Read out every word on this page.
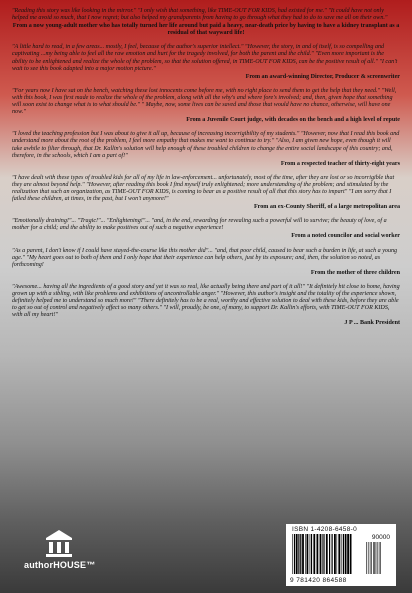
"Reading this story was like looking in the mirror." "I only wish that something, like TIME-OUT FOR KIDS, had existed for me." "It could have not only helped me avoid so much, that I now regret; but also helped my grandparents from having to go through what they had to do to save me all on their own."

From a now young-adult mother who has totally turned her life around but paid a heavy, near-death price by having to have a kidney transplant as a residual of that wayward life!

"A little hard to read, in a few areas... mostly, I feel, because of the author's superior intellect." "However, the story, in and of itself, is so compelling and captivating ...my being able to feel all the raw emotion and hurt for the tragedy involved, for both the parent and the child." "Even more important is the ability to be enlightened and realize the whole of the problem, so that the solution offered, in TIME-OUT FOR KIDS, can be the positive result of all." "I can't wait to see this book adapted into a major motion picture."

From an award-winning Director, Producer & screenwriter

"For years now I have sat on the bench, watching these lost innocents come before me, with no right place to send them to get the help that they need." "Well, with this book, I was first made to realize the whole of the problem, along with all the why's and where fore's involved; and, then, given hope that something will soon exist to change what is to what should be." " Maybe, now, some lives can be saved and those that would have no chance, otherwise, will have one now."

From a Juvenile Court judge, with decades on the bench and a high level of repute

"I loved the teaching profession but I was about to give it all up, because of increasing incorrigibility of my students." "However, now that I read this book and understand more about the root of the problem, I feel more empathy that makes me want to continue to try." "Also, I am given new hope, even though it will take awhile to filter through, that Dr. Kallin's solution will help enough of these troubled children to change the entire social landscape of this country; and, therefore, in the schools, which I am a part of!"

From a respected teacher of thirty-eight years

"I have dealt with these types of troubled kids for all of my life in law-enforcement... unfortunately, most of the time, after they are lost or so incorrigible that they are almost beyond help." "However, after reading this book I find myself truly enlightened; more understanding of the problem; and stimulated by the realization that such an organization, as TIME-OUT FOR KIDS, is coming to bear as a positive result of all that this story has to impart" "I am sorry that I failed these children, at times, in the past, but I won't anymore!"

From an ex-County Sheriff, of a large metropolitan area

"Emotionally draining!"... "Tragic!"... "Enlightening!"... "and, in the end, rewarding for revealing such a powerful will to survive; the beauty of love, of a mother for a child; and the ability to make positives out of such a negative experience!

From a noted councilor and social worker

"As a parent, I don't know if I could have stayed-the-course like this mother did"... "and, that poor child, caused to bear such a burden in life, at such a young age." "My heart goes out to both of them and I only hope that their experience can help others, just by its exposure; and, then, the solution so noted, as forthcoming!

From the mother of three children

"Awesome... having all the ingredients of a good story and yet it was so real, like actually being there and part of it all!" "It definitely hit close to home, having grown up with a sibling, with like problems and exhibitions of uncontrollable anger." "However, this author's insight and the totality of the experience shown, definitely helped me to understand so much more!" "There definitely has to be a real, worthy and effective solution to deal with these kids, before they are able to get so out of control and negatively affect so many others." "I will, proudly, be one, of many, to support Dr. Kallin's efforts, with TIME-OUT FOR KIDS, with all my heart!"

J P ... Bank President

authorHOUSE™
ISBN 1-4208-6458-0
90000
9 781420 864588
